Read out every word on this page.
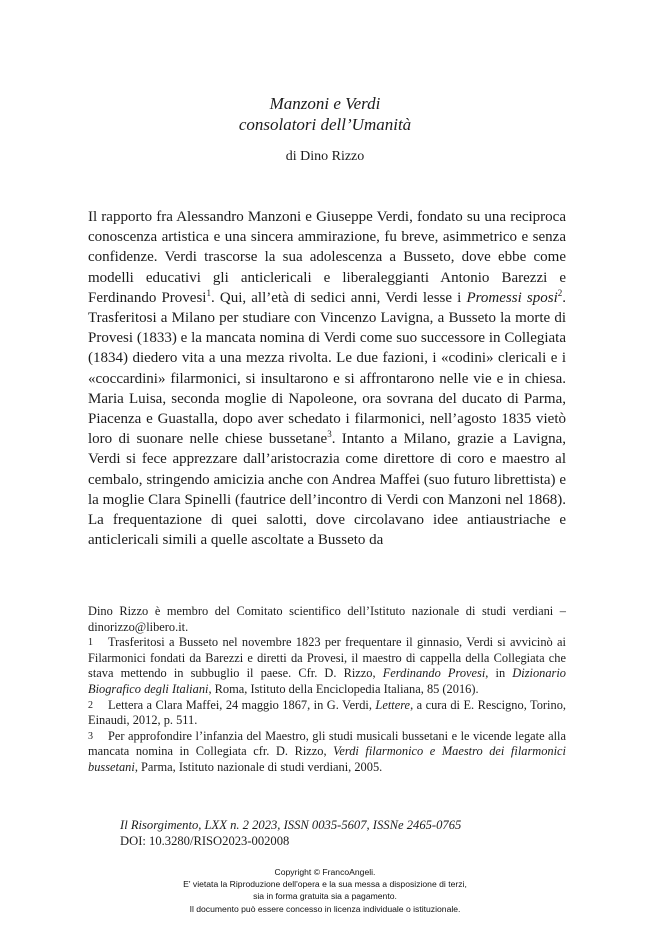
Manzoni e Verdi
consolatori dell’Umanità
di Dino Rizzo

Il rapporto fra Alessandro Manzoni e Giuseppe Verdi, fondato su una reciproca conoscenza artistica e una sincera ammirazione, fu breve, asimmetrico e senza confidenze. Verdi trascorse la sua adolescenza a Busseto, dove ebbe come modelli educativi gli anticlericali e liberaleggianti Antonio Barezzi e Ferdinando Provesi$^1$. Qui, all’età di sedici anni, Verdi lesse i Promessi sposi$^2$. Trasferitosi a Milano per studiare con Vincenzo Lavigna, a Busseto la morte di Provesi (1833) e la mancata nomina di Verdi come suo successore in Collegiata (1834) diedero vita a una mezza rivolta. Le due fazioni, i «codini» clericali e i «coccardini» filarmonici, si insultarono e si affrontarono nelle vie e in chiesa. Maria Luisa, seconda moglie di Napoleone, ora sovrana del ducato di Parma, Piacenza e Guastalla, dopo aver schedato i filarmonici, nell’agosto 1835 vietò loro di suonare nelle chiese bussetane$^3$. Intanto a Milano, grazie a Lavigna, Verdi si fece apprezzare dall’aristocrazia come direttore di coro e maestro al cembalo, stringendo amicizia anche con Andrea Maffei (suo futuro librettista) e la moglie Clara Spinelli (fautrice dell’incontro di Verdi con Manzoni nel 1868). La frequentazione di quei salotti, dove circolavano idee antiaustriache e anticlericali simili a quelle ascoltate a Busseto da

Dino Rizzo è membro del Comitato scientifico dell’Istituto nazionale di studi verdiani – dinorizzo@libero.it.

1 Trasferitosi a Busseto nel novembre 1823 per frequentare il ginnasio, Verdi si avvicinò ai Filarmonici fondati da Barezzi e diretti da Provesi, il maestro di cappella della Collegiata che stava mettendo in subbuglio il paese. Cfr. D. Rizzo, Ferdinando Provesi, in Dizionario Biografico degli Italiani, Roma, Istituto della Enciclopedia Italiana, 85 (2016).

2 Lettera a Clara Maffei, 24 maggio 1867, in G. Verdi, Lettere, a cura di E. Rescigno, Torino, Einaudi, 2012, p. 511.

3 Per approfondire l’infanzia del Maestro, gli studi musicali bussetani e le vicende legate alla mancata nomina in Collegiata cfr. D. Rizzo, Verdi filarmonico e Maestro dei filarmonici bussetani, Parma, Istituto nazionale di studi verdiani, 2005.

Il Risorgimento, LXX n. 2 2023, ISSN 0035-5607, ISSNe 2465-0765
DOI: 10.3280/RISO2023-002008
Copyright © FrancoAngeli.
E' vietata la Riproduzione dell'opera e la sua messa a disposizione di terzi,
sia in forma gratuita sia a pagamento.
Il documento può essere concesso in licenza individuale o istituzionale.
